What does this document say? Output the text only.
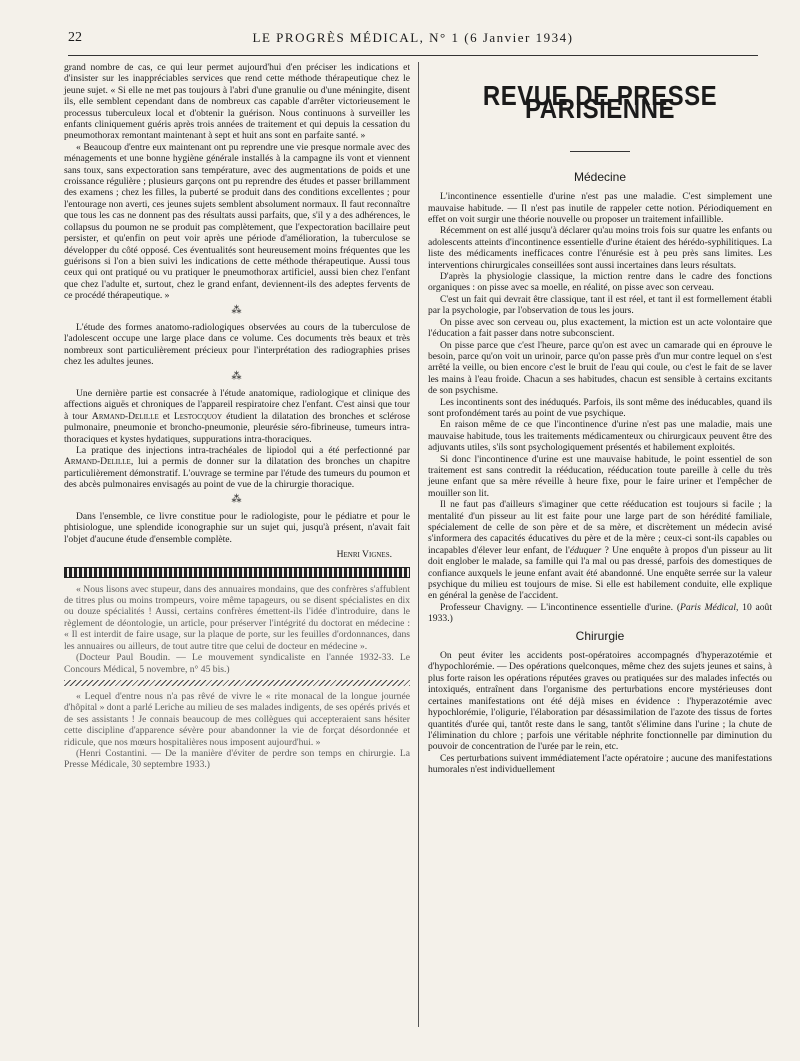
22	LE PROGRÈS MÉDICAL, N° 1 (6 Janvier 1934)

grand nombre de cas, ce qui leur permet aujourd'hui d'en préciser les indications et d'insister sur les inappréciables services que rend cette méthode thérapeutique chez le jeune sujet. « Si elle ne met pas toujours à l'abri d'une granulie ou d'une méningite, disent ils, elle semblent cependant dans de nombreux cas capable d'arrêter victorieusement le processus tuberculeux local et d'obtenir la guérison. Nous continuons à surveiller les enfants cliniquement guéris après trois années de traitement et qui depuis la cessation du pneumothorax remontant maintenant à sept et huit ans sont en parfaite santé. »

« Beaucoup d'entre eux maintenant ont pu reprendre une vie presque normale avec des ménagements et une bonne hygiène générale installés à la campagne ils vont et viennent sans toux, sans expectoration sans température, avec des augmentations de poids et une croissance régulière ; plusieurs garçons ont pu reprendre des études et passer brillamment des examens ; chez les filles, la puberté se produit dans des conditions excellentes ; pour l'entourage non averti, ces jeunes sujets semblent absolument normaux. Il faut reconnaître que tous les cas ne donnent pas des résultats aussi parfaits, que, s'il y a des adhérences, le collapsus du poumon ne se produit pas complètement, que l'expectoration bacillaire peut persister, et qu'enfin on peut voir après une période d'amélioration, la tuberculose se développer du côté opposé. Ces éventualités sont heureusement moins fréquentes que les guérisons si l'on a bien suivi les indications de cette méthode thérapeutique. Aussi tous ceux qui ont pratiqué ou vu pratiquer le pneumothorax artificiel, aussi bien chez l'enfant que chez l'adulte et, surtout, chez le grand enfant, deviennent-ils des adeptes fervents de ce procédé thérapeutique. »

⁂

L'étude des formes anatomo-radiologiques observées au cours de la tuberculose de l'adolescent occupe une large place dans ce volume. Ces documents très beaux et très nombreux sont particulièrement précieux pour l'interprétation des radiographies prises chez les adultes jeunes.

⁂

Une dernière partie est consacrée à l'étude anatomique, radiologique et clinique des affections aiguës et chroniques de l'appareil respiratoire chez l'enfant. C'est ainsi que tour à tour Armand-Delille et Lestocquoy étudient la dilatation des bronches et sclérose pulmonaire, pneumonie et broncho-pneumonie, pleurésie séro-fibrineuse, tumeurs intra-thoraciques et kystes hydatiques, suppurations intra-thoraciques.

La pratique des injections intra-trachéales de lipiodol qui a été perfectionné par Armand-Delille, lui a permis de donner sur la dilatation des bronches un chapitre particulièrement démonstratif. L'ouvrage se termine par l'étude des tumeurs du poumon et des abcès pulmonaires envisagés au point de vue de la chirurgie thoracique.

⁂

Dans l'ensemble, ce livre constitue pour le radiologiste, pour le pédiatre et pour le phtisiologue, une splendide iconographie sur un sujet qui, jusqu'à présent, n'avait fait l'objet d'aucune étude d'ensemble complète.

Henri Vignes.

« Nous lisons avec stupeur, dans des annuaires mondains, que des confrères s'affublent de titres plus ou moins trompeurs, voire même tapageurs, ou se disent spécialistes en dix ou douze spécialités ! Aussi, certains confrères émettent-ils l'idée d'introduire, dans le règlement de déontologie, un article, pour préserver l'intégrité du doctorat en médecine : « Il est interdit de faire usage, sur la plaque de porte, sur les feuilles d'ordonnances, dans les annuaires ou ailleurs, de tout autre titre que celui de docteur en médecine ».

(Docteur Paul Boudin. — Le mouvement syndicaliste en l'année 1932-33. Le Concours Médical, 5 novembre, n° 45 bis.)

« Lequel d'entre nous n'a pas rêvé de vivre le « rite monacal de la longue journée d'hôpital » dont a parlé Leriche au milieu de ses malades indigents, de ses opérés privés et de ses assistants ! Je connais beaucoup de mes collègues qui accepteraient sans hésiter cette discipline d'apparence sévère pour abandonner la vie de forçat désordonnée et ridicule, que nos mœurs hospitalières nous imposent aujourd'hui. »

(Henri Costantini. — De la manière d'éviter de perdre son temps en chirurgie. La Presse Médicale, 30 septembre 1933.)

REVUE DE PRESSE PARISIENNE
Médecine

L'incontinence essentielle d'urine n'est pas une maladie. C'est simplement une mauvaise habitude. — Il n'est pas inutile de rappeler cette notion. Périodiquement en effet on voit surgir une théorie nouvelle ou proposer un traitement infaillible.

Récemment on est allé jusqu'à déclarer qu'au moins trois fois sur quatre les enfants ou adolescents atteints d'incontinence essentielle d'urine étaient des hérédo-syphilitiques. La liste des médicaments inefficaces contre l'énurésie est à peu près sans limites. Les interventions chirurgicales conseillées sont aussi incertaines dans leurs résultats.

D'après la physiologie classique, la miction rentre dans le cadre des fonctions organiques : on pisse avec sa moelle, en réalité, on pisse avec son cerveau.

C'est un fait qui devrait être classique, tant il est réel, et tant il est formellement établi par la psychologie, par l'observation de tous les jours.

On pisse avec son cerveau ou, plus exactement, la miction est un acte volontaire que l'éducation a fait passer dans notre subconscient.

On pisse parce que c'est l'heure, parce qu'on est avec un camarade qui en éprouve le besoin, parce qu'on voit un urinoir, parce qu'on passe près d'un mur contre lequel on s'est arrêté la veille, ou bien encore c'est le bruit de l'eau qui coule, ou c'est le fait de se laver les mains à l'eau froide. Chacun a ses habitudes, chacun est sensible à certains excitants de son psychisme.

Les incontinents sont des inéduqués. Parfois, ils sont même des inéducables, quand ils sont profondément tarés au point de vue psychique.

En raison même de ce que l'incontinence d'urine n'est pas une maladie, mais une mauvaise habitude, tous les traitements médicamenteux ou chirurgicaux peuvent être des adjuvants utiles, s'ils sont psychologiquement présentés et habilement exploités.

Si donc l'incontinence d'urine est une mauvaise habitude, le point essentiel de son traitement est sans contredit la rééducation, rééducation toute pareille à celle du très jeune enfant que sa mère réveille à heure fixe, pour le faire uriner et l'empêcher de mouiller son lit.

Il ne faut pas d'ailleurs s'imaginer que cette rééducation est toujours si facile ; la mentalité d'un pisseur au lit est faite pour une large part de son hérédité familiale, spécialement de celle de son père et de sa mère, et discrètement un médecin avisé s'informera des capacités éducatives du père et de la mère ; ceux-ci sont-ils capables ou incapables d'élever leur enfant, de l'éduquer ? Une enquête à propos d'un pisseur au lit doit englober le malade, sa famille qui l'a mal ou pas dressé, parfois des domestiques de confiance auxquels le jeune enfant avait été abandonné. Une enquête serrée sur la valeur psychique du milieu est toujours de mise. Si elle est habilement conduite, elle explique en général la genèse de l'accident.

Professeur Chavigny. — L'incontinence essentielle d'urine. (Paris Médical, 10 août 1933.)

Chirurgie

On peut éviter les accidents post-opératoires accompagnés d'hyperazotémie et d'hypochlorémie. — Des opérations quelconques, même chez des sujets jeunes et sains, à plus forte raison les opérations réputées graves ou pratiquées sur des malades infectés ou intoxiqués, entraînent dans l'organisme des perturbations encore mystérieuses dont certaines manifestations ont été déjà mises en évidence : l'hyperazotémie avec hypochlorémie, l'oligurie, l'élaboration par désassimilation de l'azote des tissus de fortes quantités d'urée qui, tantôt reste dans le sang, tantôt s'élimine dans l'urine ; la chute de l'élimination du chlore ; parfois une véritable néphrite fonctionnelle par diminution du pouvoir de concentration de l'urée par le rein, etc.

Ces perturbations suivent immédiatement l'acte opératoire ; aucune des manifestations humorales n'est individuellement
